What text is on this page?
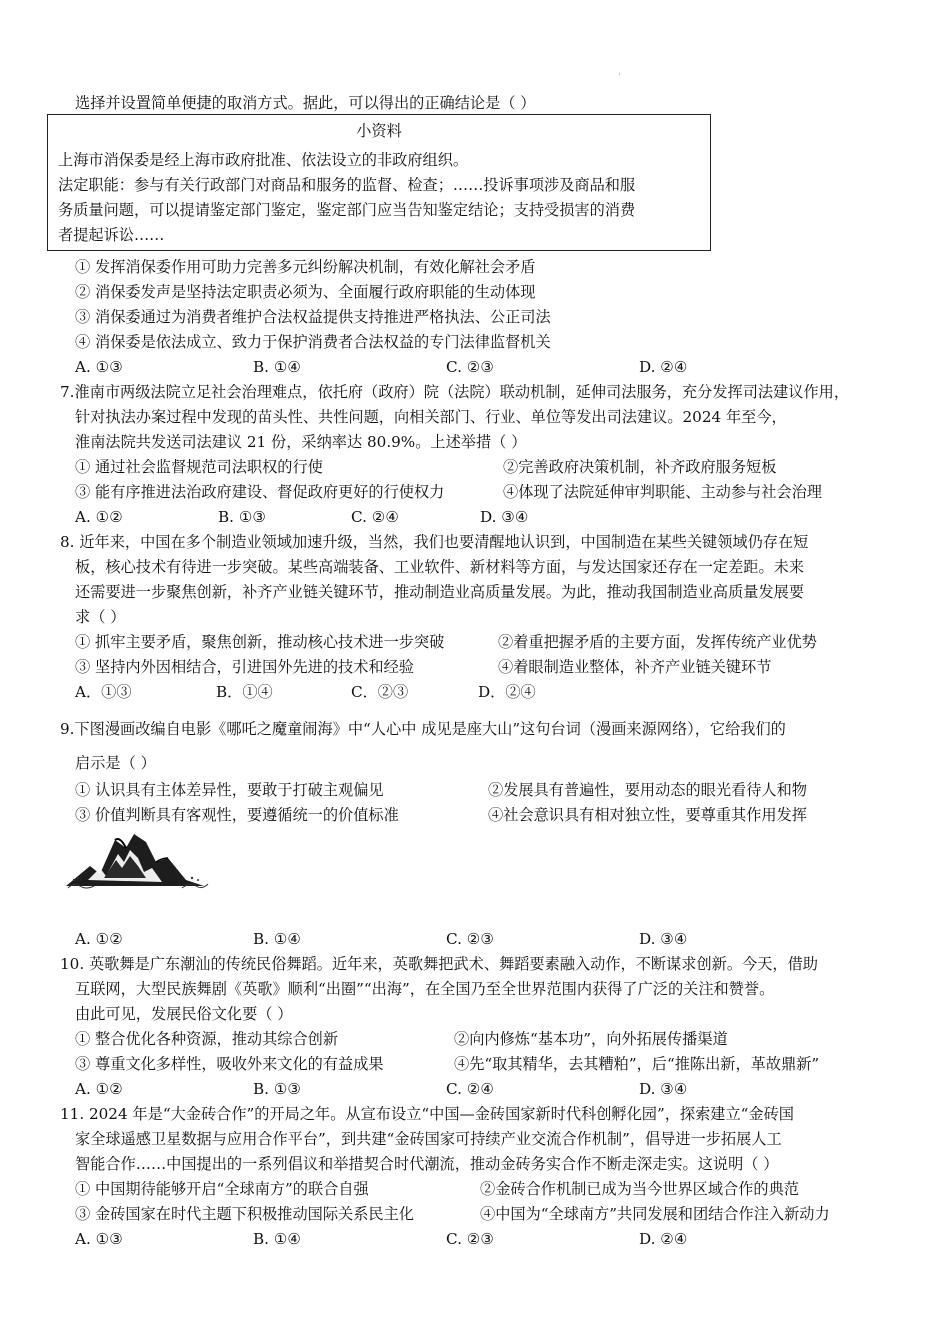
·
选择并设置简单便捷的取消方式。据此，可以得出的正确结论是（ ）
小资料
上海市消保委是经上海市政府批准、依法设立的非政府组织。
法定职能：参与有关行政部门对商品和服务的监督、检查；……投诉事项涉及商品和服
务质量问题，可以提请鉴定部门鉴定，鉴定部门应当告知鉴定结论；支持受损害的消费
者提起诉讼……
① 发挥消保委作用可助力完善多元纠纷解决机制，有效化解社会矛盾
② 消保委发声是坚持法定职责必须为、全面履行政府职能的生动体现
③ 消保委通过为消费者维护合法权益提供支持推进严格执法、公正司法
④ 消保委是依法成立、致力于保护消费者合法权益的专门法律监督机关
A. ①③	B. ①④	C. ②③	D. ②④
7.淮南市两级法院立足社会治理难点，依托府（政府）院（法院）联动机制，延伸司法服务，充分发挥司法建议作用，
针对执法办案过程中发现的苗头性、共性问题，向相关部门、行业、单位等发出司法建议。2024 年至今，
淮南法院共发送司法建议 21 份，采纳率达 80.9%。上述举措（ ）
① 通过社会监督规范司法职权的行使	②完善政府决策机制，补齐政府服务短板
③ 能有序推进法治政府建设、督促政府更好的行使权力	④体现了法院延伸审判职能、主动参与社会治理
A. ①②	B. ①③	C. ②④	D. ③④
8. 近年来，中国在多个制造业领域加速升级，当然，我们也要清醒地认识到，中国制造在某些关键领域仍存在短
板，核心技术有待进一步突破。某些高端装备、工业软件、新材料等方面，与发达国家还存在一定差距。未来
还需要进一步聚焦创新，补齐产业链关键环节，推动制造业高质量发展。为此，推动我国制造业高质量发展要
求（ ）
① 抓牢主要矛盾，聚焦创新，推动核心技术进一步突破	②着重把握矛盾的主要方面，发挥传统产业优势
③ 坚持内外因相结合，引进国外先进的技术和经验	④着眼制造业整体，补齐产业链关键环节
A．①③	B．①④	C．②③	D．②④
9.下图漫画改编自电影《哪吒之魔童闹海》中“人心中 成见是座大山”这句台词（漫画来源网络），它给我们的
启示是（ ）
① 认识具有主体差异性，要敢于打破主观偏见	②发展具有普遍性，要用动态的眼光看待人和物
③ 价值判断具有客观性，要遵循统一的价值标准	④社会意识具有相对独立性，要尊重其作用发挥
A. ①②	B. ①④	C. ②③	D. ③④
10. 英歌舞是广东潮汕的传统民俗舞蹈。近年来，英歌舞把武术、舞蹈要素融入动作，不断谋求创新。今天，借助
互联网，大型民族舞剧《英歌》顺利“出圈”“出海”，在全国乃至全世界范围内获得了广泛的关注和赞誉。
由此可见，发展民俗文化要（ ）
① 整合优化各种资源，推动其综合创新	②向内修炼“基本功”，向外拓展传播渠道
③ 尊重文化多样性，吸收外来文化的有益成果	④先“取其精华，去其糟粕”，后“推陈出新，革故鼎新”
A. ①②	B. ①③	C. ②④	D. ③④
11. 2024 年是“大金砖合作”的开局之年。从宣布设立“中国—金砖国家新时代科创孵化园”，探索建立“金砖国
家全球遥感卫星数据与应用合作平台”，到共建“金砖国家可持续产业交流合作机制”，倡导进一步拓展人工
智能合作……中国提出的一系列倡议和举措契合时代潮流，推动金砖务实合作不断走深走实。这说明（ ）
① 中国期待能够开启“全球南方”的联合自强	②金砖合作机制已成为当今世界区域合作的典范
③ 金砖国家在时代主题下积极推动国际关系民主化	④中国为“全球南方”共同发展和团结合作注入新动力
A. ①③	B. ①④	C. ②③	D. ②④
